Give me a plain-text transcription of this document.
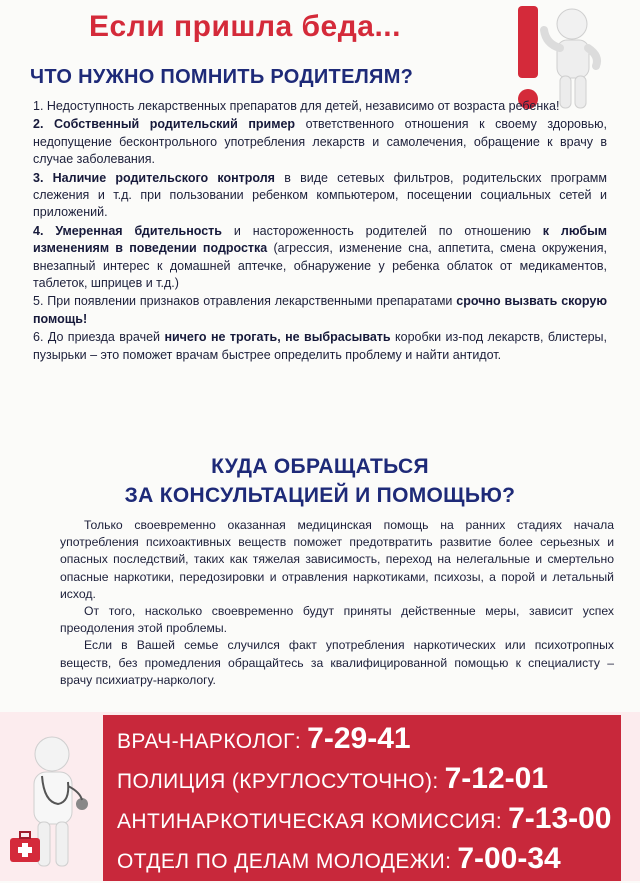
Если пришла беда...
ЧТО НУЖНО ПОМНИТЬ РОДИТЕЛЯМ?

1. Недоступность лекарственных препаратов для детей, независимо от возраста ребенка!

2. Собственный родительский пример ответственного отношения к своему здоровью, недопущение бесконтрольного употребления лекарств и самолечения, обращение к врачу в случае заболевания.

3. Наличие родительского контроля в виде сетевых фильтров, родительских программ слежения и т.д. при пользовании ребенком компьютером, посещении социальных сетей и приложений.

4. Умеренная бдительность и настороженность родителей по отношению к любым изменениям в поведении подростка (агрессия, изменение сна, аппетита, смена окружения, внезапный интерес к домашней аптечке, обнаружение у ребенка облаток от медикаментов, таблеток, шприцев и т.д.)

5. При появлении признаков отравления лекарственными препаратами срочно вызвать скорую помощь!

6. До приезда врачей ничего не трогать, не выбрасывать коробки из-под лекарств, блистеры, пузырьки – это поможет врачам быстрее определить проблему и найти антидот.

КУДА ОБРАЩАТЬСЯ
ЗА КОНСУЛЬТАЦИЕЙ И ПОМОЩЬЮ?

Только своевременно оказанная медицинская помощь на ранних стадиях начала употребления психоактивных веществ поможет предотвратить развитие более серьезных и опасных последствий, таких как тяжелая зависимость, переход на нелегальные и смертельно опасные наркотики, передозировки и отравления наркотиками, психозы, а порой и летальный исход.

От того, насколько своевременно будут приняты действенные меры, зависит успех преодоления этой проблемы.

Если в Вашей семье случился факт употребления наркотических или психотропных веществ, без промедления обращайтесь за квалифицированной помощью к специалисту – врачу психиатру-наркологу.

ВРАЧ-НАРКОЛОГ: 7-29-41
ПОЛИЦИЯ (КРУГЛОСУТОЧНО): 7-12-01
АНТИНАРКОТИЧЕСКАЯ КОМИССИЯ: 7-13-00
ОТДЕЛ ПО ДЕЛАМ МОЛОДЕЖИ: 7-00-34
